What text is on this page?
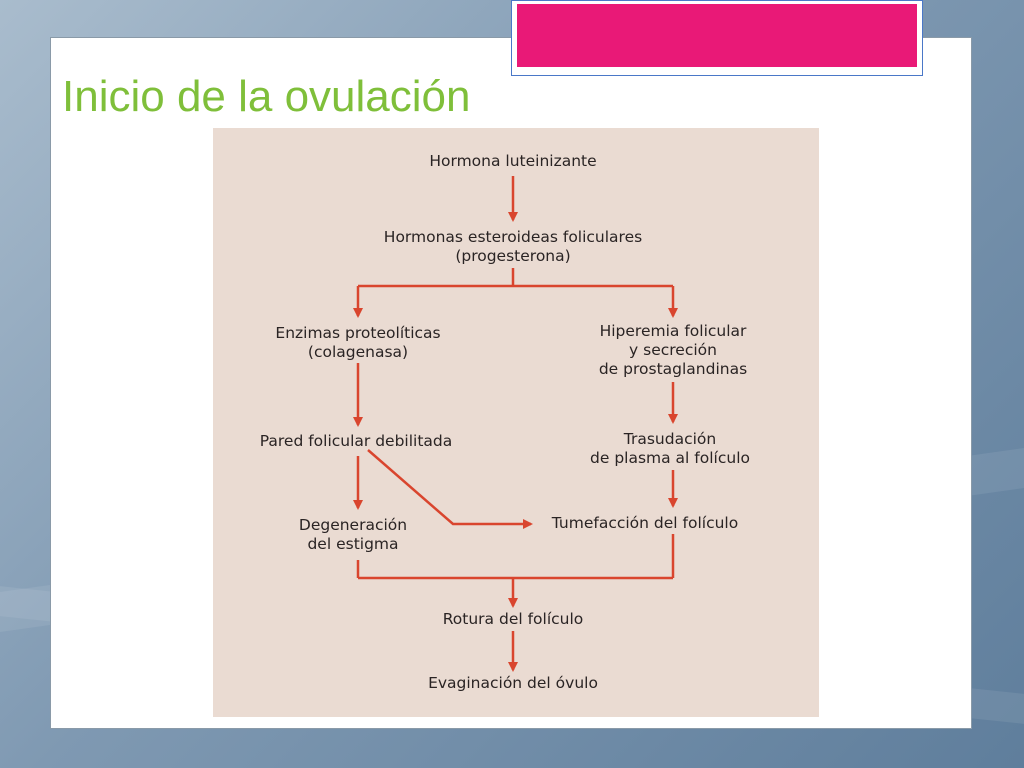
Inicio de la ovulación
Hormona luteinizante
Hormonas esteroideas foliculares
(progesterona)
Enzimas proteolíticas
(colagenasa)
Hiperemia folicular
y secreción
de prostaglandinas
Pared folicular debilitada	Trasudación
de plasma al folículo
Degeneración
del estigma
Tumefacción del folículo
Rotura del folículo
Evaginación del óvulo
